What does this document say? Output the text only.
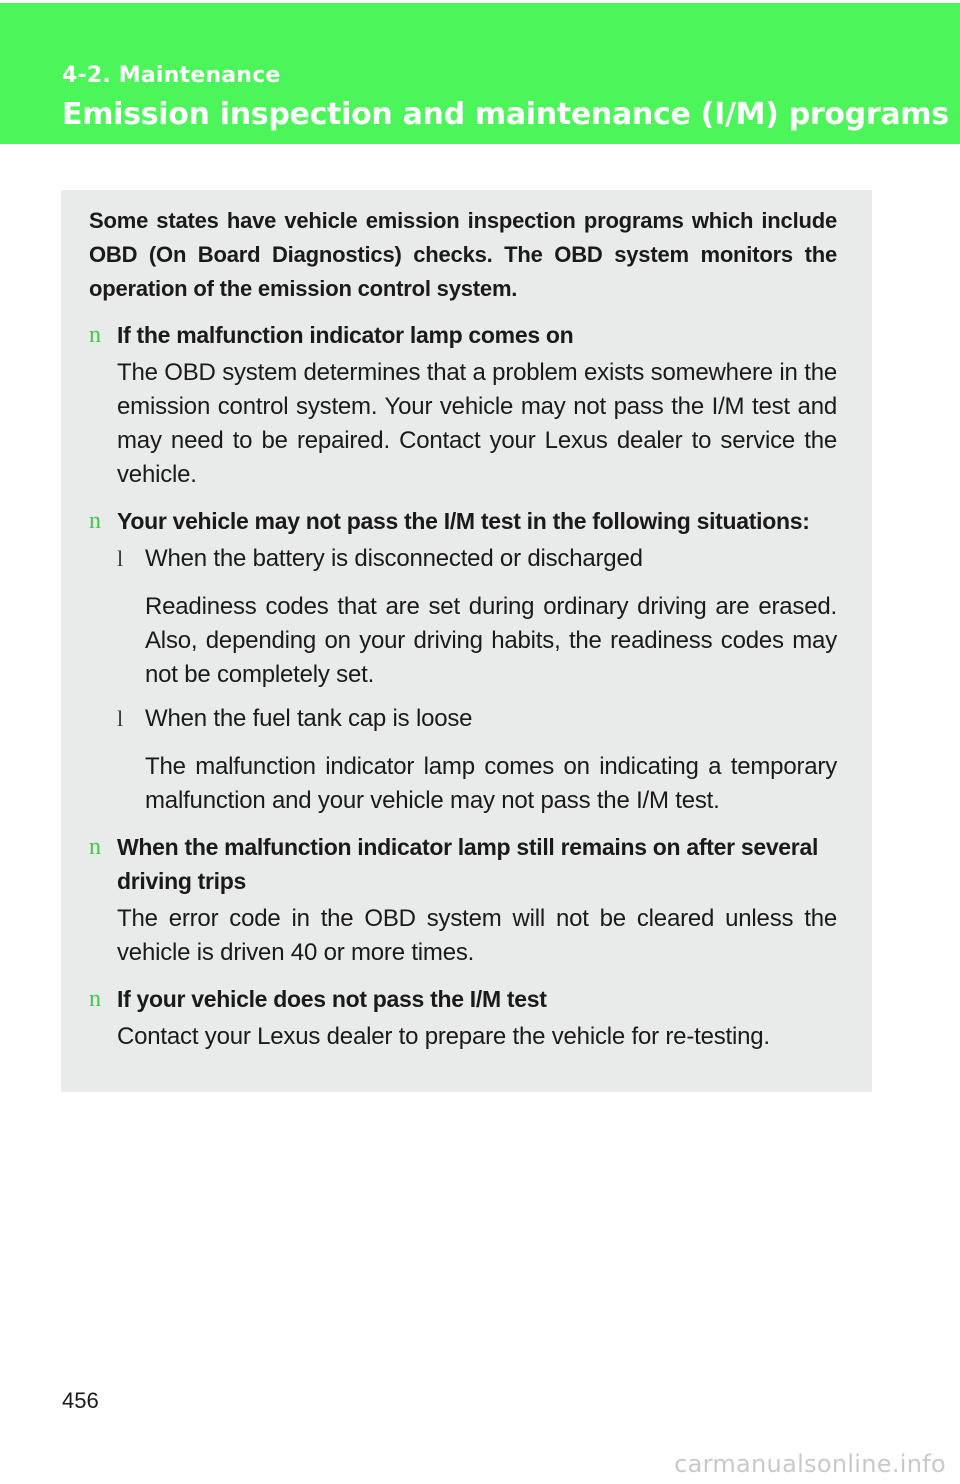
4-2. Maintenance
Emission inspection and maintenance (I/M) programs

Some states have vehicle emission inspection programs which include OBD (On Board Diagnostics) checks. The OBD system monitors the operation of the emission control system.

n If the malfunction indicator lamp comes on
The OBD system determines that a problem exists somewhere in the emission control system. Your vehicle may not pass the I/M test and may need to be repaired. Contact your Lexus dealer to service the vehicle.
n Your vehicle may not pass the I/M test in the following situations:
l When the battery is disconnected or discharged
Readiness codes that are set during ordinary driving are erased. Also, depending on your driving habits, the readiness codes may not be completely set.
l When the fuel tank cap is loose
The malfunction indicator lamp comes on indicating a temporary malfunction and your vehicle may not pass the I/M test.
n When the malfunction indicator lamp still remains on after several driving trips
The error code in the OBD system will not be cleared unless the vehicle is driven 40 or more times.
n If your vehicle does not pass the I/M test
Contact your Lexus dealer to prepare the vehicle for re-testing.
456
carmanualsonline.info
